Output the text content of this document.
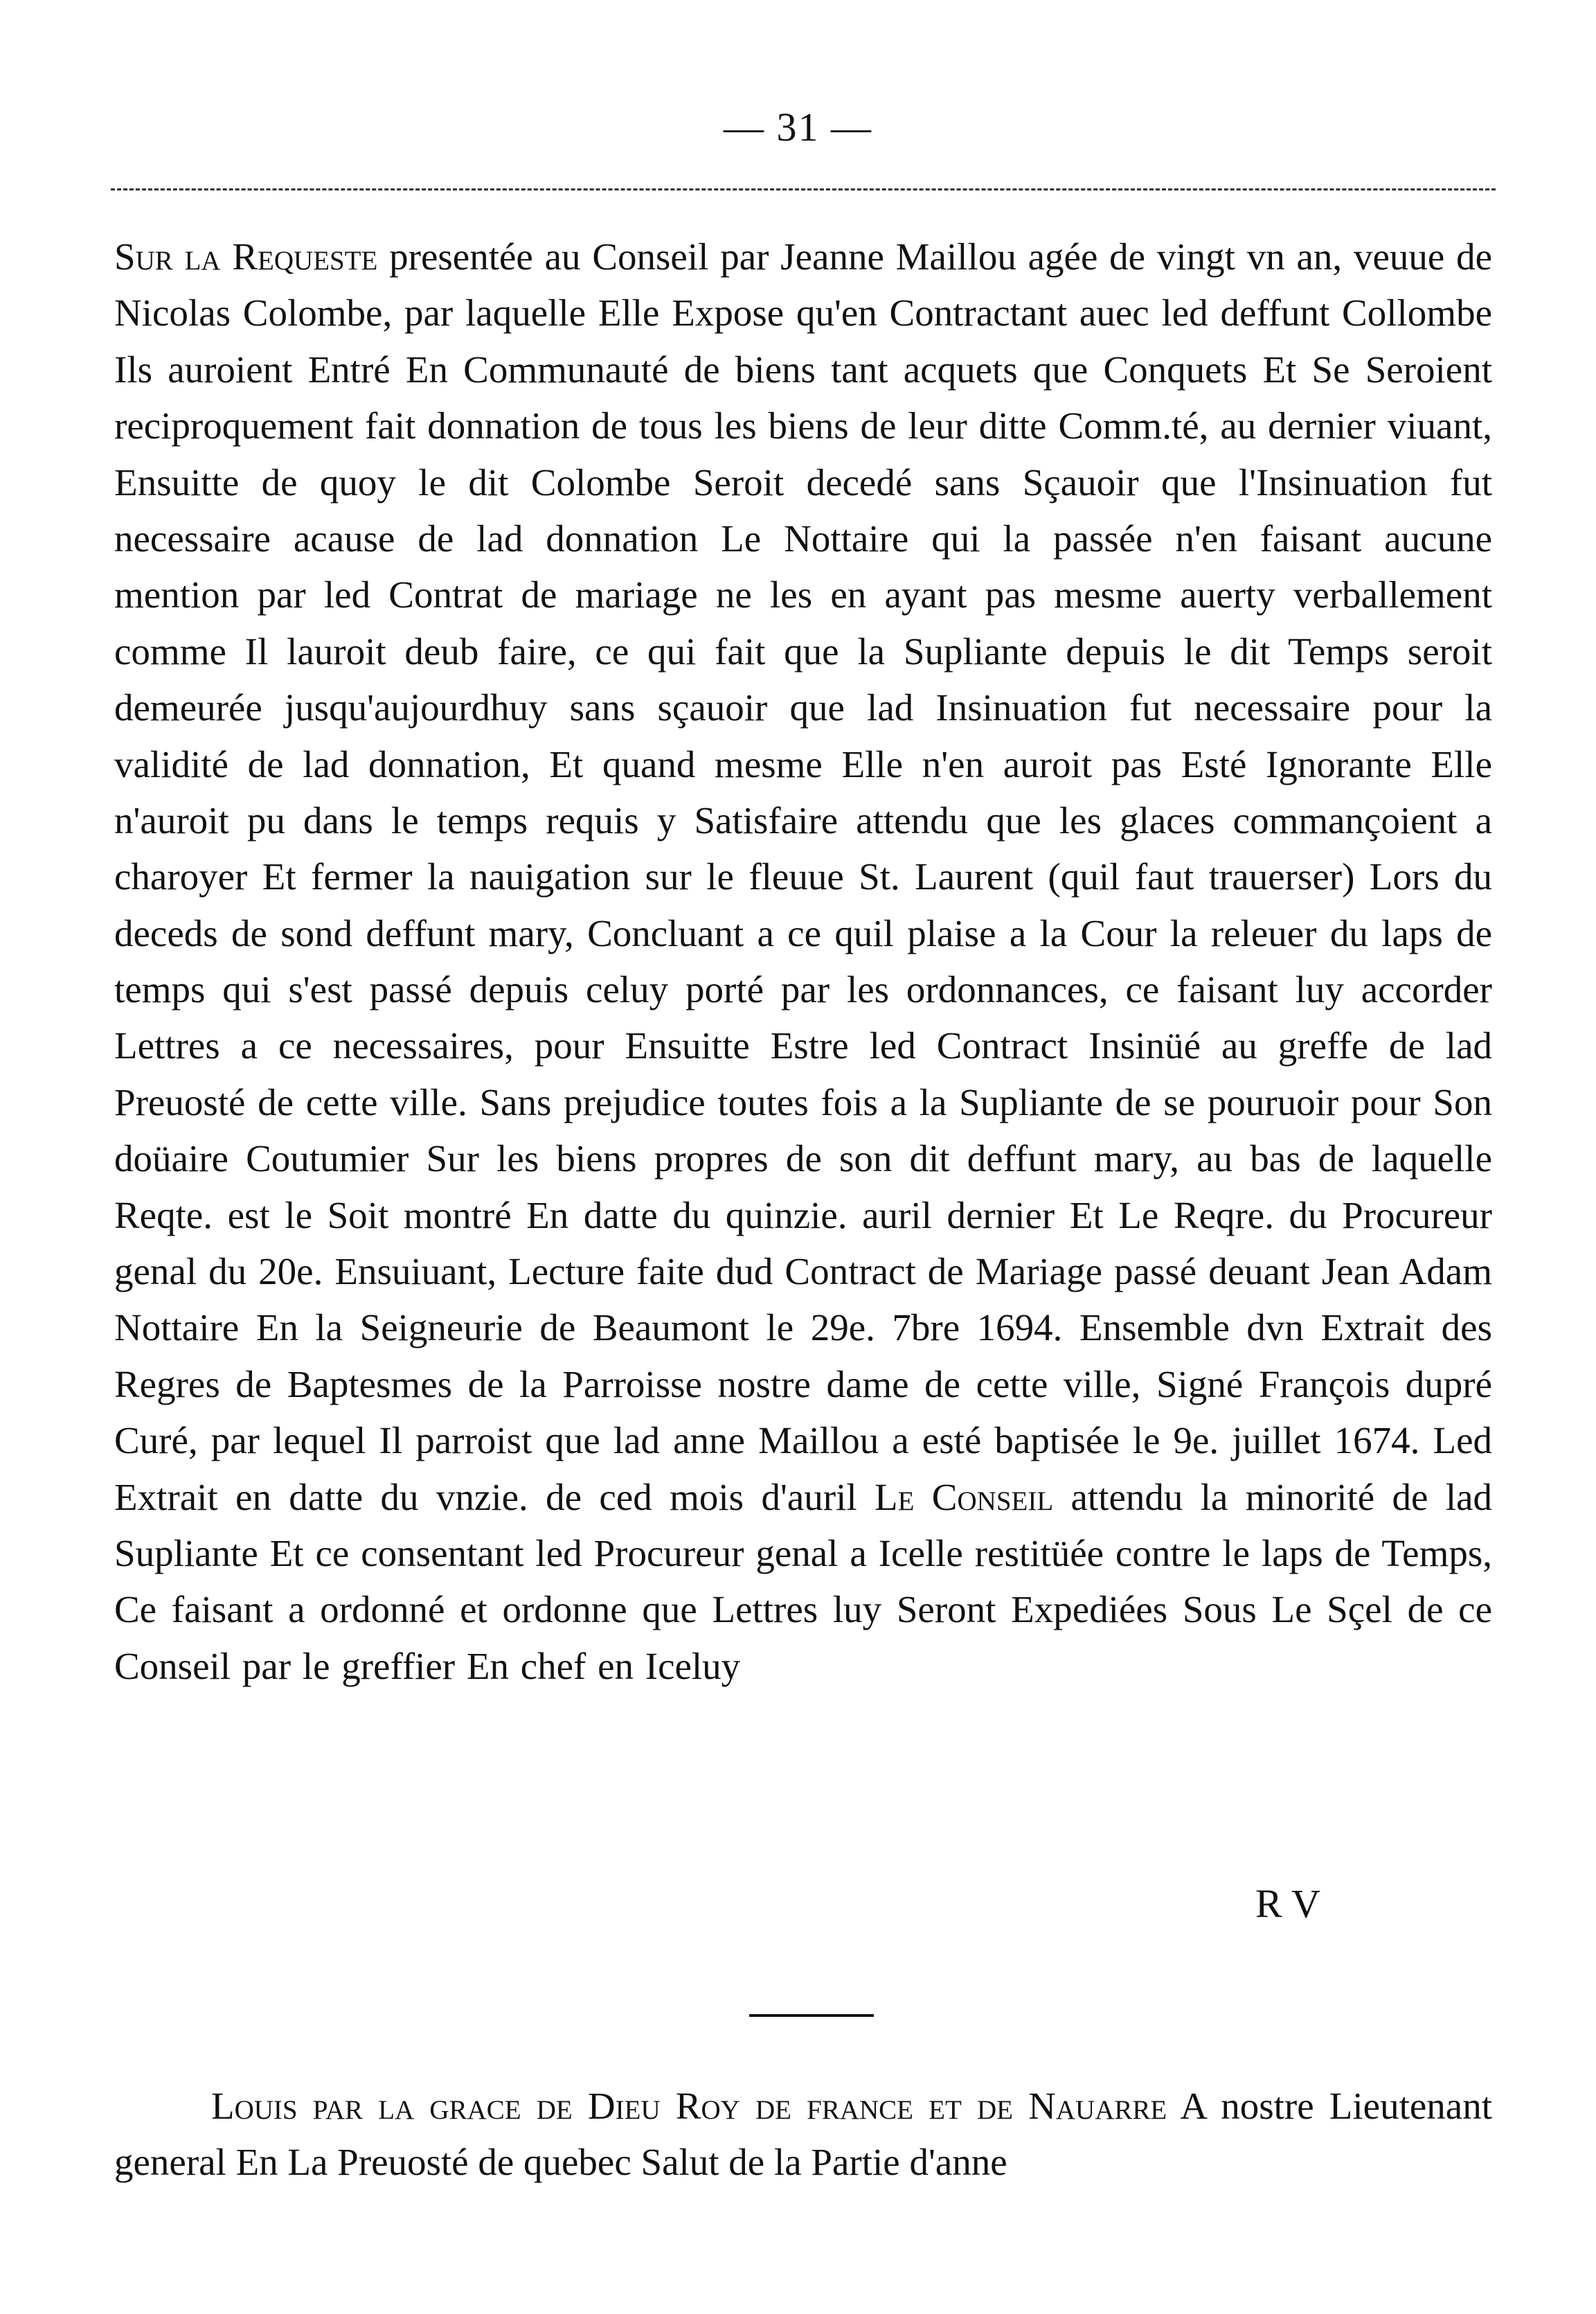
— 31 —
Sur la Requeste presentée au Conseil par Jeanne Maillou agée de vingt vn an, veuue de Nicolas Colombe, par laquelle Elle Expose qu'en Contractant auec led deffunt Collombe Ils auroient Entré En Communauté de biens tant acquets que Conquets Et Se Seroient reciproquement fait donnation de tous les biens de leur ditte Comm.té, au dernier viuant, Ensuitte de quoy le dit Colombe Seroit decedé sans Sçauoir que l'Insinuation fut necessaire acause de lad donnation Le Nottaire qui la passée n'en faisant aucune mention par led Contrat de mariage ne les en ayant pas mesme auerty verballement comme Il lauroit deub faire, ce qui fait que la Supliante depuis le dit Temps seroit demeurée jusqu'aujourdhuy sans sçauoir que lad Insinuation fut necessaire pour la validité de lad donnation, Et quand mesme Elle n'en auroit pas Esté Ignorante Elle n'auroit pu dans le temps requis y Satisfaire attendu que les glaces commançoient a charoyer Et fermer la nauigation sur le fleuue St. Laurent (quil faut trauerser) Lors du deceds de sond deffunt mary, Concluant a ce quil plaise a la Cour la releuer du laps de temps qui s'est passé depuis celuy porté par les ordonnances, ce faisant luy accorder Lettres a ce necessaires, pour Ensuitte Estre led Contract Insinüé au greffe de lad Preuosté de cette ville. Sans prejudice toutes fois a la Supliante de se pouruoir pour Son doüaire Coutumier Sur les biens propres de son dit deffunt mary, au bas de laquelle Reqte. est le Soit montré En datte du quinzie. auril dernier Et Le Reqre. du Procureur genal du 20e. Ensuiuant, Lecture faite dud Contract de Mariage passé deuant Jean Adam Nottaire En la Seigneurie de Beaumont le 29e. 7bre 1694. Ensemble dvn Extrait des Regres de Baptesmes de la Parroisse nostre dame de cette ville, Signé François dupré Curé, par lequel Il parroist que lad anne Maillou a esté baptisée le 9e. juillet 1674. Led Extrait en datte du vnzie. de ced mois d'auril Le Conseil attendu la minorité de lad Supliante Et ce consentant led Procureur genal a Icelle restitüée contre le laps de Temps, Ce faisant a ordonné et ordonne que Lettres luy Seront Expediées Sous Le Sçel de ce Conseil par le greffier En chef en Iceluy
R V
Louis par la grace de Dieu Roy de france et de Nauarre A nostre Lieutenant general En La Preuosté de quebec Salut de la Partie d'anne
